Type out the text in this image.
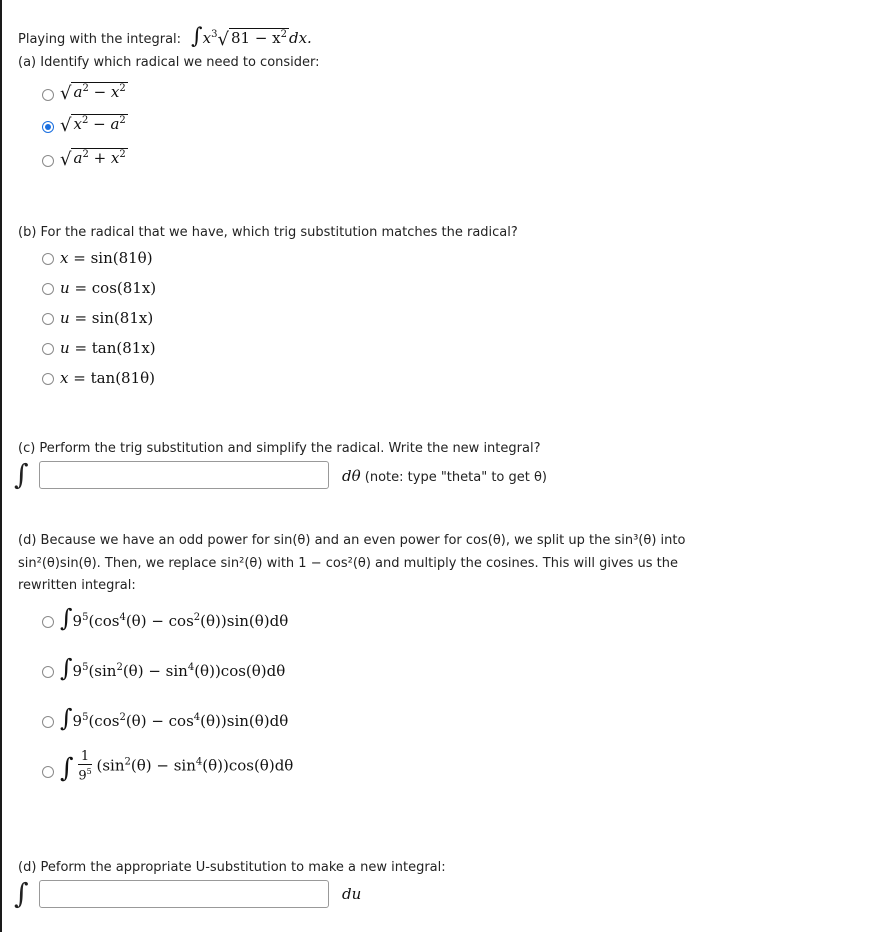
Playing with the integral: $\int x^3√$ $81 - x^2$ dx.
(a) Identify which radical we need to consider:
√ $a^2 - x^2$
√ $x^2 - a^2$
√ $a^2 + x^2$
(b) For the radical that we have, which trig substitution matches the radical?
x = sin(81θ)
u = cos(81x)
u = sin(81x)
u = tan(81x)
x = tan(81θ)
(c) Perform the trig substitution and simplify the radical. Write the new integral?
∫	dθ (note: type "theta" to get θ)
(d) Because we have an odd power for sin(θ) and an even power for cos(θ), we split up the sin³(θ) into
sin²(θ)sin(θ). Then, we replace sin²(θ) with 1 − cos²(θ) and multiply the cosines. This will gives us the
rewritten integral:
$\int 9^5(\cos^4(\theta) - \cos^2(\theta))\sin(\theta)d\theta$
$\int 9^5(\sin^2(\theta) - \sin^4(\theta))\cos(\theta)d\theta$
$\int 9^5(\cos^2(\theta) - \cos^4(\theta))\sin(\theta)d\theta$
∫ $\frac{1}{9^5} (\sin^2(\theta) - \sin^4(\theta))\cos(\theta)d\theta$
(d) Peform the appropriate U-substitution to make a new integral:
∫	du
